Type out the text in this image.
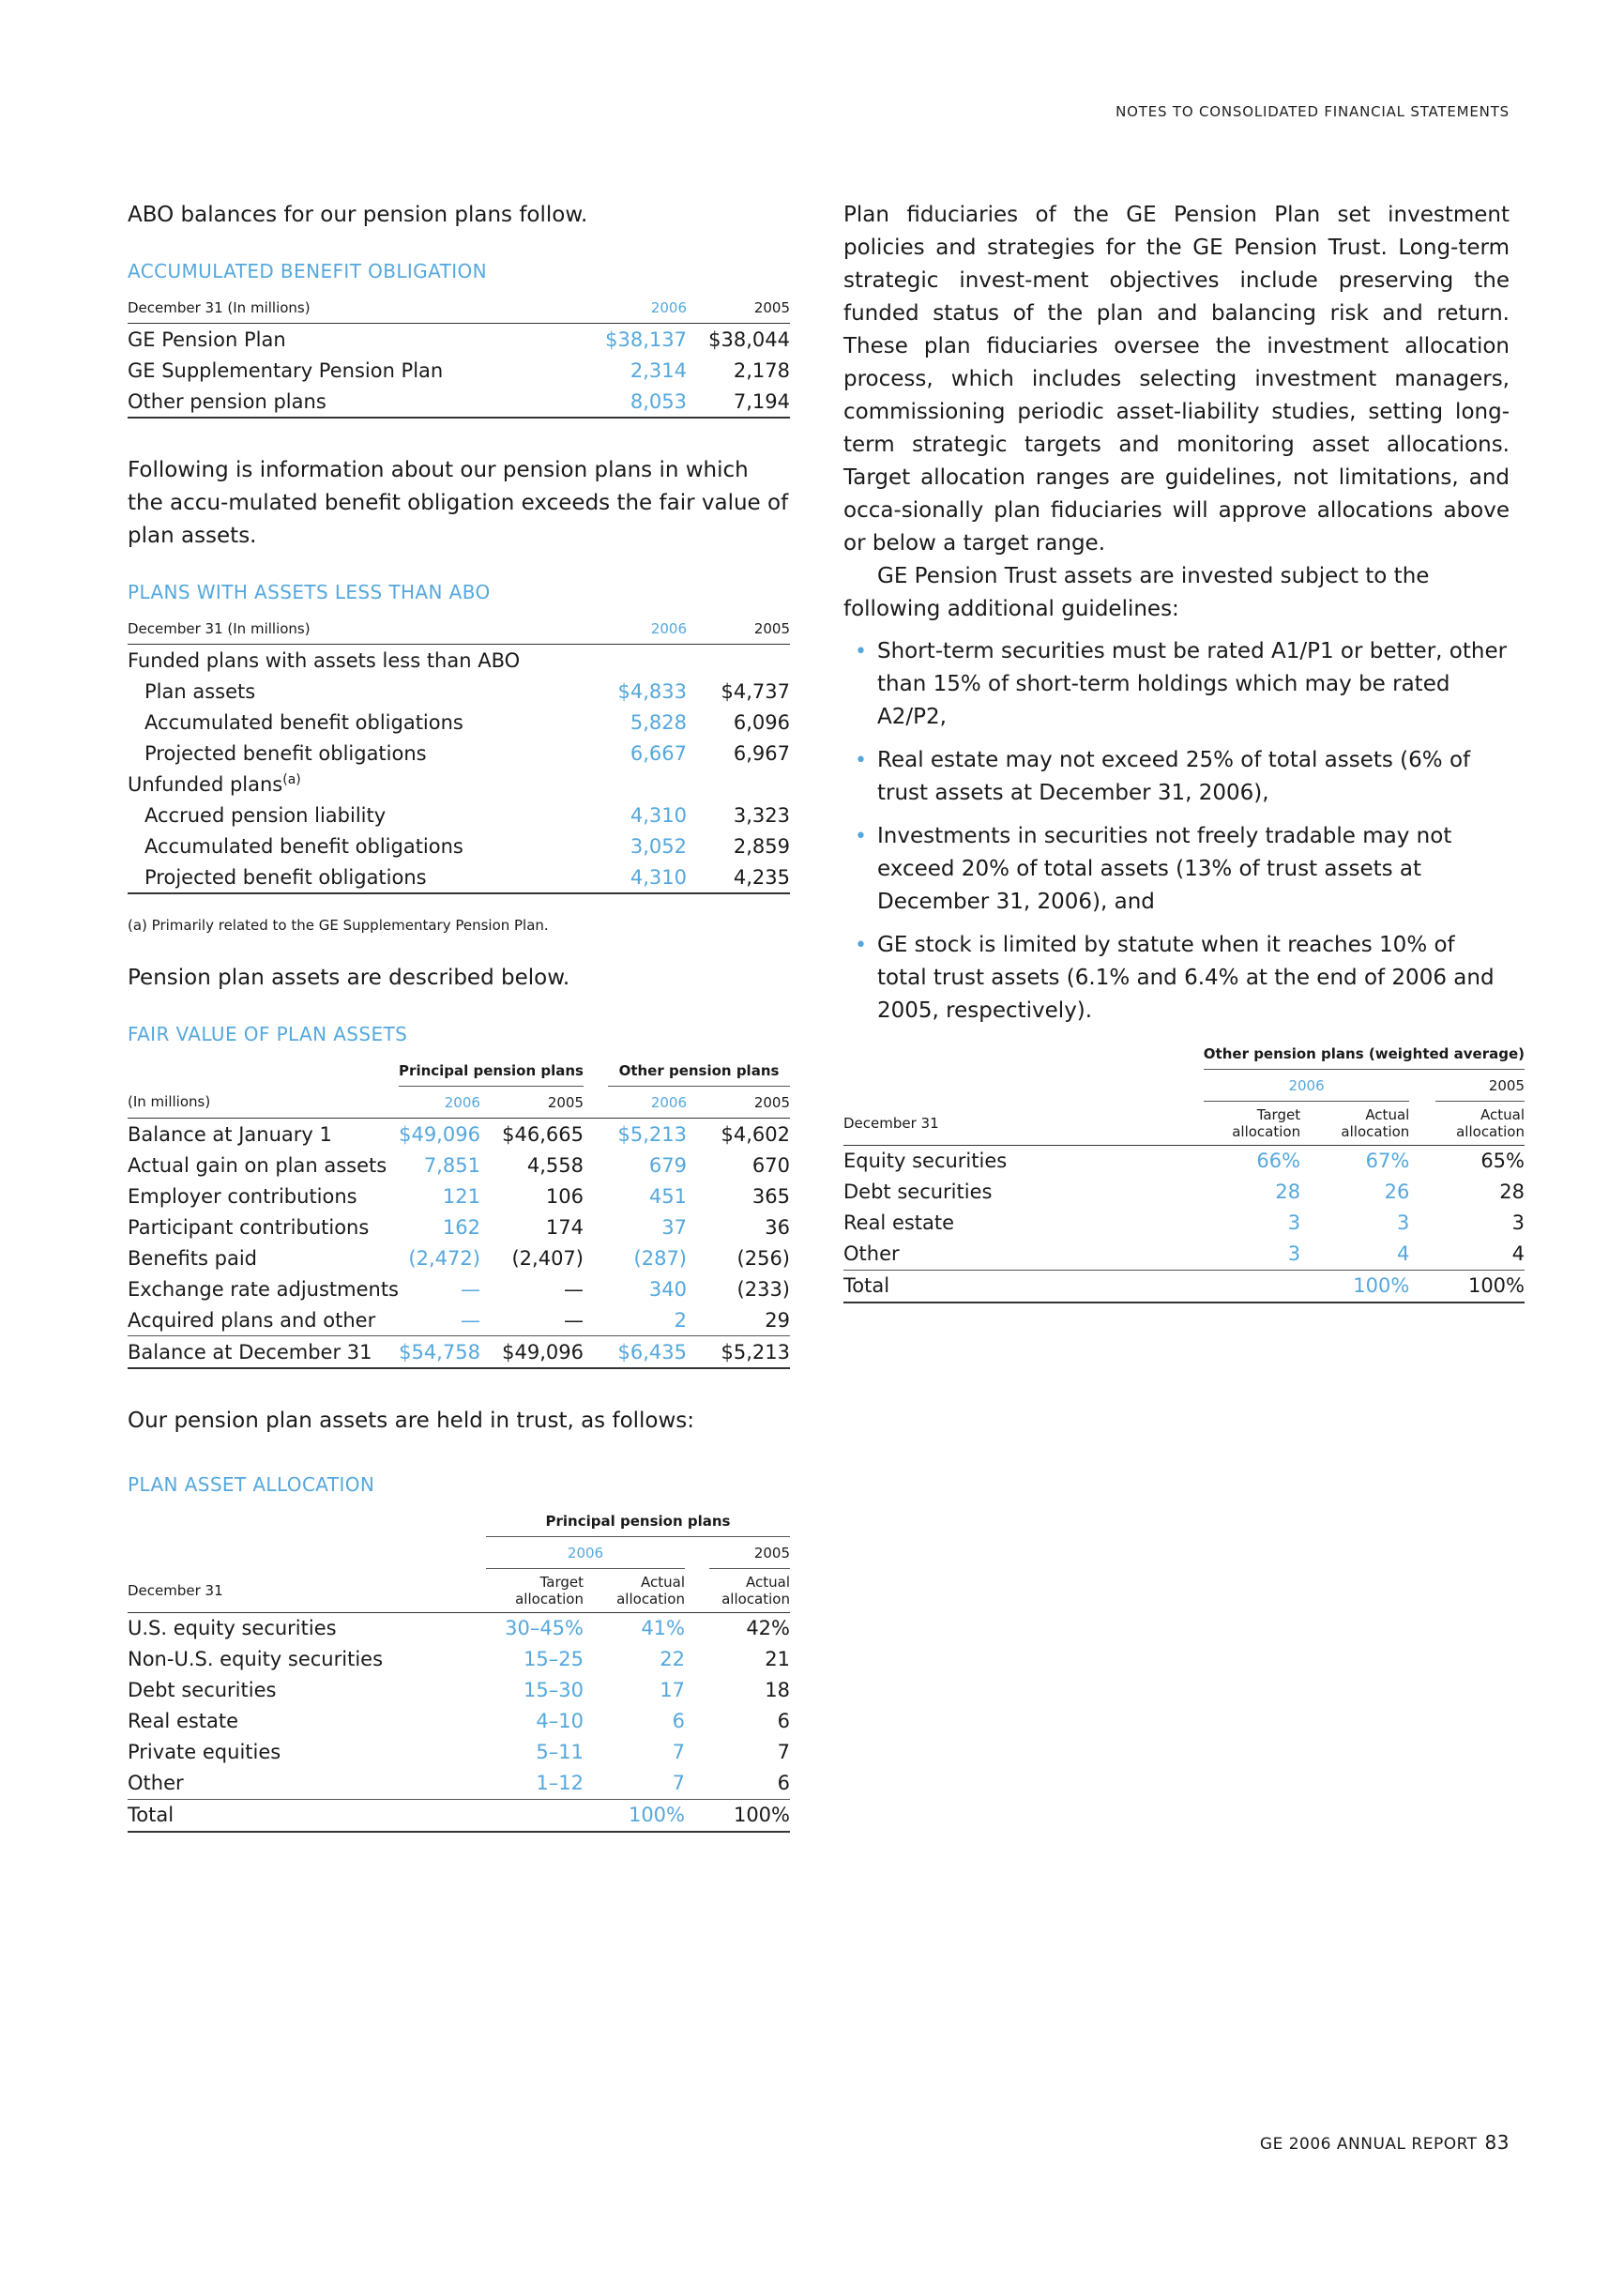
NOTES TO CONSOLIDATED FINANCIAL STATEMENTS

ABO balances for our pension plans follow.

ACCUMULATED BENEFIT OBLIGATION
December 31 (In millions)	2006	2005
GE Pension Plan	$38,137	$38,044
GE Supplementary Pension Plan	2,314	2,178
Other pension plans	8,053	7,194

Following is information about our pension plans in which the accu-mulated benefit obligation exceeds the fair value of plan assets.

PLANS WITH ASSETS LESS THAN ABO
December 31 (In millions)	2006	2005
Funded plans with assets less than ABO		
Plan assets	$4,833	$4,737
Accumulated benefit obligations	5,828	6,096
Projected benefit obligations	6,667	6,967
Unfunded plans$^{(a)}$
Accrued pension liability	4,310	3,323
Accumulated benefit obligations	3,052	2,859
Projected benefit obligations	4,310	4,235
(a) Primarily related to the GE Supplementary Pension Plan.

Pension plan assets are described below.

FAIR VALUE OF PLAN ASSETS
	Principal pension plans			Other pension plans	
(In millions)	2006	2005		2006	2005
Balance at January 1	$49,096	$46,665		$5,213	$4,602
Actual gain on plan assets	7,851	4,558		679	670
Employer contributions	121	106		451	365
Participant contributions	162	174		37	36
Benefits paid	(2,472)	(2,407)		(287)	(256)
Exchange rate adjustments	—	—		340	(233)
Acquired plans and other	—	—		2	29
Balance at December 31	$54,758	$49,096		$6,435	$5,213

Our pension plan assets are held in trust, as follows:

PLAN ASSET ALLOCATION
	Principal pension plans			
	2006			2005
December 31	Target allocation	Actual allocation		Actual allocation
U.S. equity securities	30–45%	41%		42%
Non-U.S. equity securities	15–25	22		21
Debt securities	15–30	17		18
Real estate	4–10	6		6
Private equities	5–11	7		7
Other	1–12	7		6
Total		100%		100%

Plan fiduciaries of the GE Pension Plan set investment policies and strategies for the GE Pension Trust. Long-term strategic invest-ment objectives include preserving the funded status of the plan and balancing risk and return. These plan fiduciaries oversee the investment allocation process, which includes selecting investment managers, commissioning periodic asset-liability studies, setting long-term strategic targets and monitoring asset allocations. Target allocation ranges are guidelines, not limitations, and occa-sionally plan fiduciaries will approve allocations above or below a target range.

GE Pension Trust assets are invested subject to the following additional guidelines:

• Short-term securities must be rated A1/P1 or better, other than 15% of short-term holdings which may be rated A2/P2,
• Real estate may not exceed 25% of total assets (6% of trust assets at December 31, 2006),
• Investments in securities not freely tradable may not exceed 20% of total assets (13% of trust assets at December 31, 2006), and
• GE stock is limited by statute when it reaches 10% of total trust assets (6.1% and 6.4% at the end of 2006 and 2005, respectively).
	Other pension plans (weighted average)			
	2006			2005
December 31	Target allocation	Actual allocation		Actual allocation
Equity securities	66%	67%		65%
Debt securities	28	26		28
Real estate	3	3		3
Other	3	4		4
Total		100%		100%
GE 2006 ANNUAL REPORT 83
